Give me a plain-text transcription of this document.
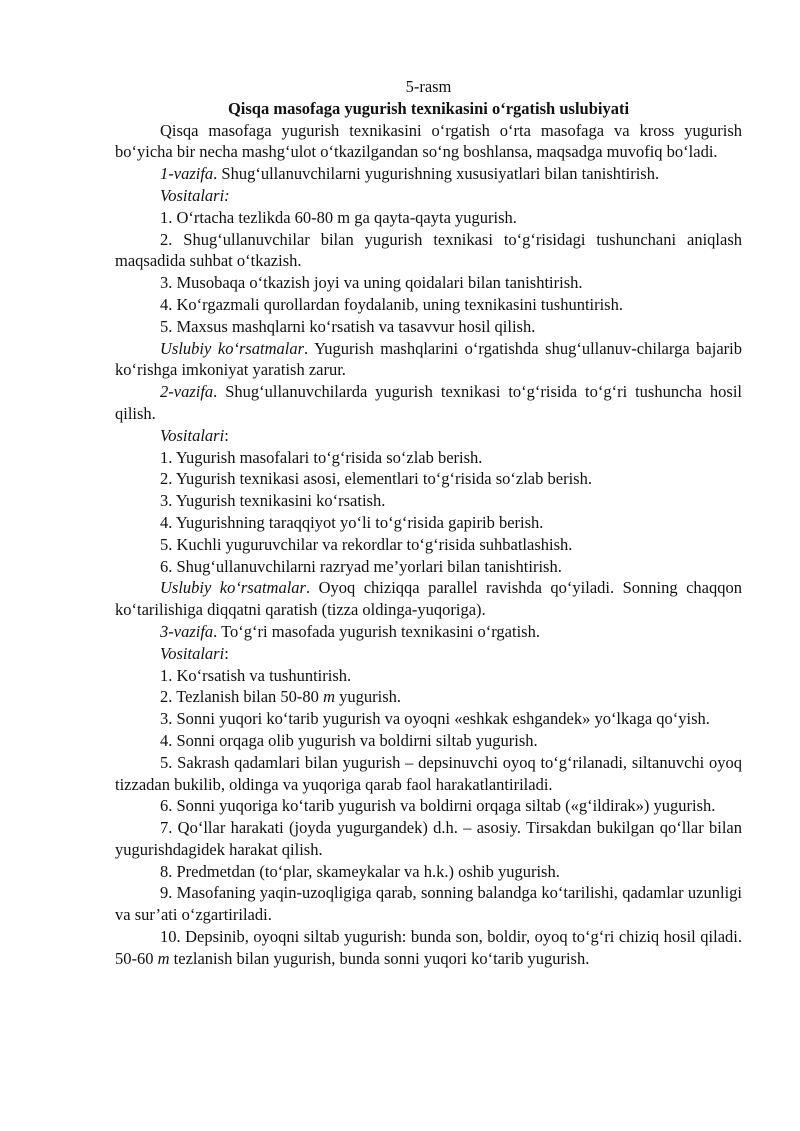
5-rasm
Qisqa masofaga yugurish texnikasini o‘rgatish uslubiyati

Qisqa masofaga yugurish texnikasini o‘rgatish o‘rta masofaga va kross yugurish bo‘yicha bir necha mashg‘ulot o‘tkazilgandan so‘ng boshlansa, maqsadga muvofiq bo‘ladi.

1-vazifa. Shug‘ullanuvchilarni yugurishning xususiyatlari bilan tanishtirish.

Vositalari:

1. O‘rtacha tezlikda 60-80 m ga qayta-qayta yugurish.

2. Shug‘ullanuvchilar bilan yugurish texnikasi to‘g‘risidagi tushunchani aniqlash maqsadida suhbat o‘tkazish.

3. Musobaqa o‘tkazish joyi va uning qoidalari bilan tanishtirish.

4. Ko‘rgazmali qurollardan foydalanib, uning texnikasini tushuntirish.

5. Maxsus mashqlarni ko‘rsatish va tasavvur hosil qilish.

Uslubiy ko‘rsatmalar. Yugurish mashqlarini o‘rgatishda shug‘ullanuv-chilarga bajarib ko‘rishga imkoniyat yaratish zarur.

2-vazifa. Shug‘ullanuvchilarda yugurish texnikasi to‘g‘risida to‘g‘ri tushuncha hosil qilish.

Vositalari:

1. Yugurish masofalari to‘g‘risida so‘zlab berish.

2. Yugurish texnikasi asosi, elementlari to‘g‘risida so‘zlab berish.

3. Yugurish texnikasini ko‘rsatish.

4. Yugurishning taraqqiyot yo‘li to‘g‘risida gapirib berish.

5. Kuchli yuguruvchilar va rekordlar to‘g‘risida suhbatlashish.

6. Shug‘ullanuvchilarni razryad me’yorlari bilan tanishtirish.

Uslubiy ko‘rsatmalar. Oyoq chiziqqa parallel ravishda qo‘yiladi. Sonning chaqqon ko‘tarilishiga diqqatni qaratish (tizza oldinga-yuqoriga).

3-vazifa. To‘g‘ri masofada yugurish texnikasini o‘rgatish.

Vositalari:

1. Ko‘rsatish va tushuntirish.

2. Tezlanish bilan 50-80 m yugurish.

3. Sonni yuqori ko‘tarib yugurish va oyoqni «eshkak eshgandek» yo‘lkaga qo‘yish.

4. Sonni orqaga olib yugurish va boldirni siltab yugurish.

5. Sakrash qadamlari bilan yugurish – depsinuvchi oyoq to‘g‘rilanadi, siltanuvchi oyoq tizzadan bukilib, oldinga va yuqoriga qarab faol harakatlantiriladi.

6. Sonni yuqoriga ko‘tarib yugurish va boldirni orqaga siltab («g‘ildirak») yugurish.

7. Qo‘llar harakati (joyda yugurgandek) d.h. – asosiy. Tirsakdan bukilgan qo‘llar bilan yugurishdagidek harakat qilish.

8. Predmetdan (to‘plar, skameykalar va h.k.) oshib yugurish.

9. Masofaning yaqin-uzoqligiga qarab, sonning balandga ko‘tarilishi, qadamlar uzunligi va sur’ati o‘zgartiriladi.

10. Depsinib, oyoqni siltab yugurish: bunda son, boldir, oyoq to‘g‘ri chiziq hosil qiladi. 50-60 m tezlanish bilan yugurish, bunda sonni yuqori ko‘tarib yugurish.
